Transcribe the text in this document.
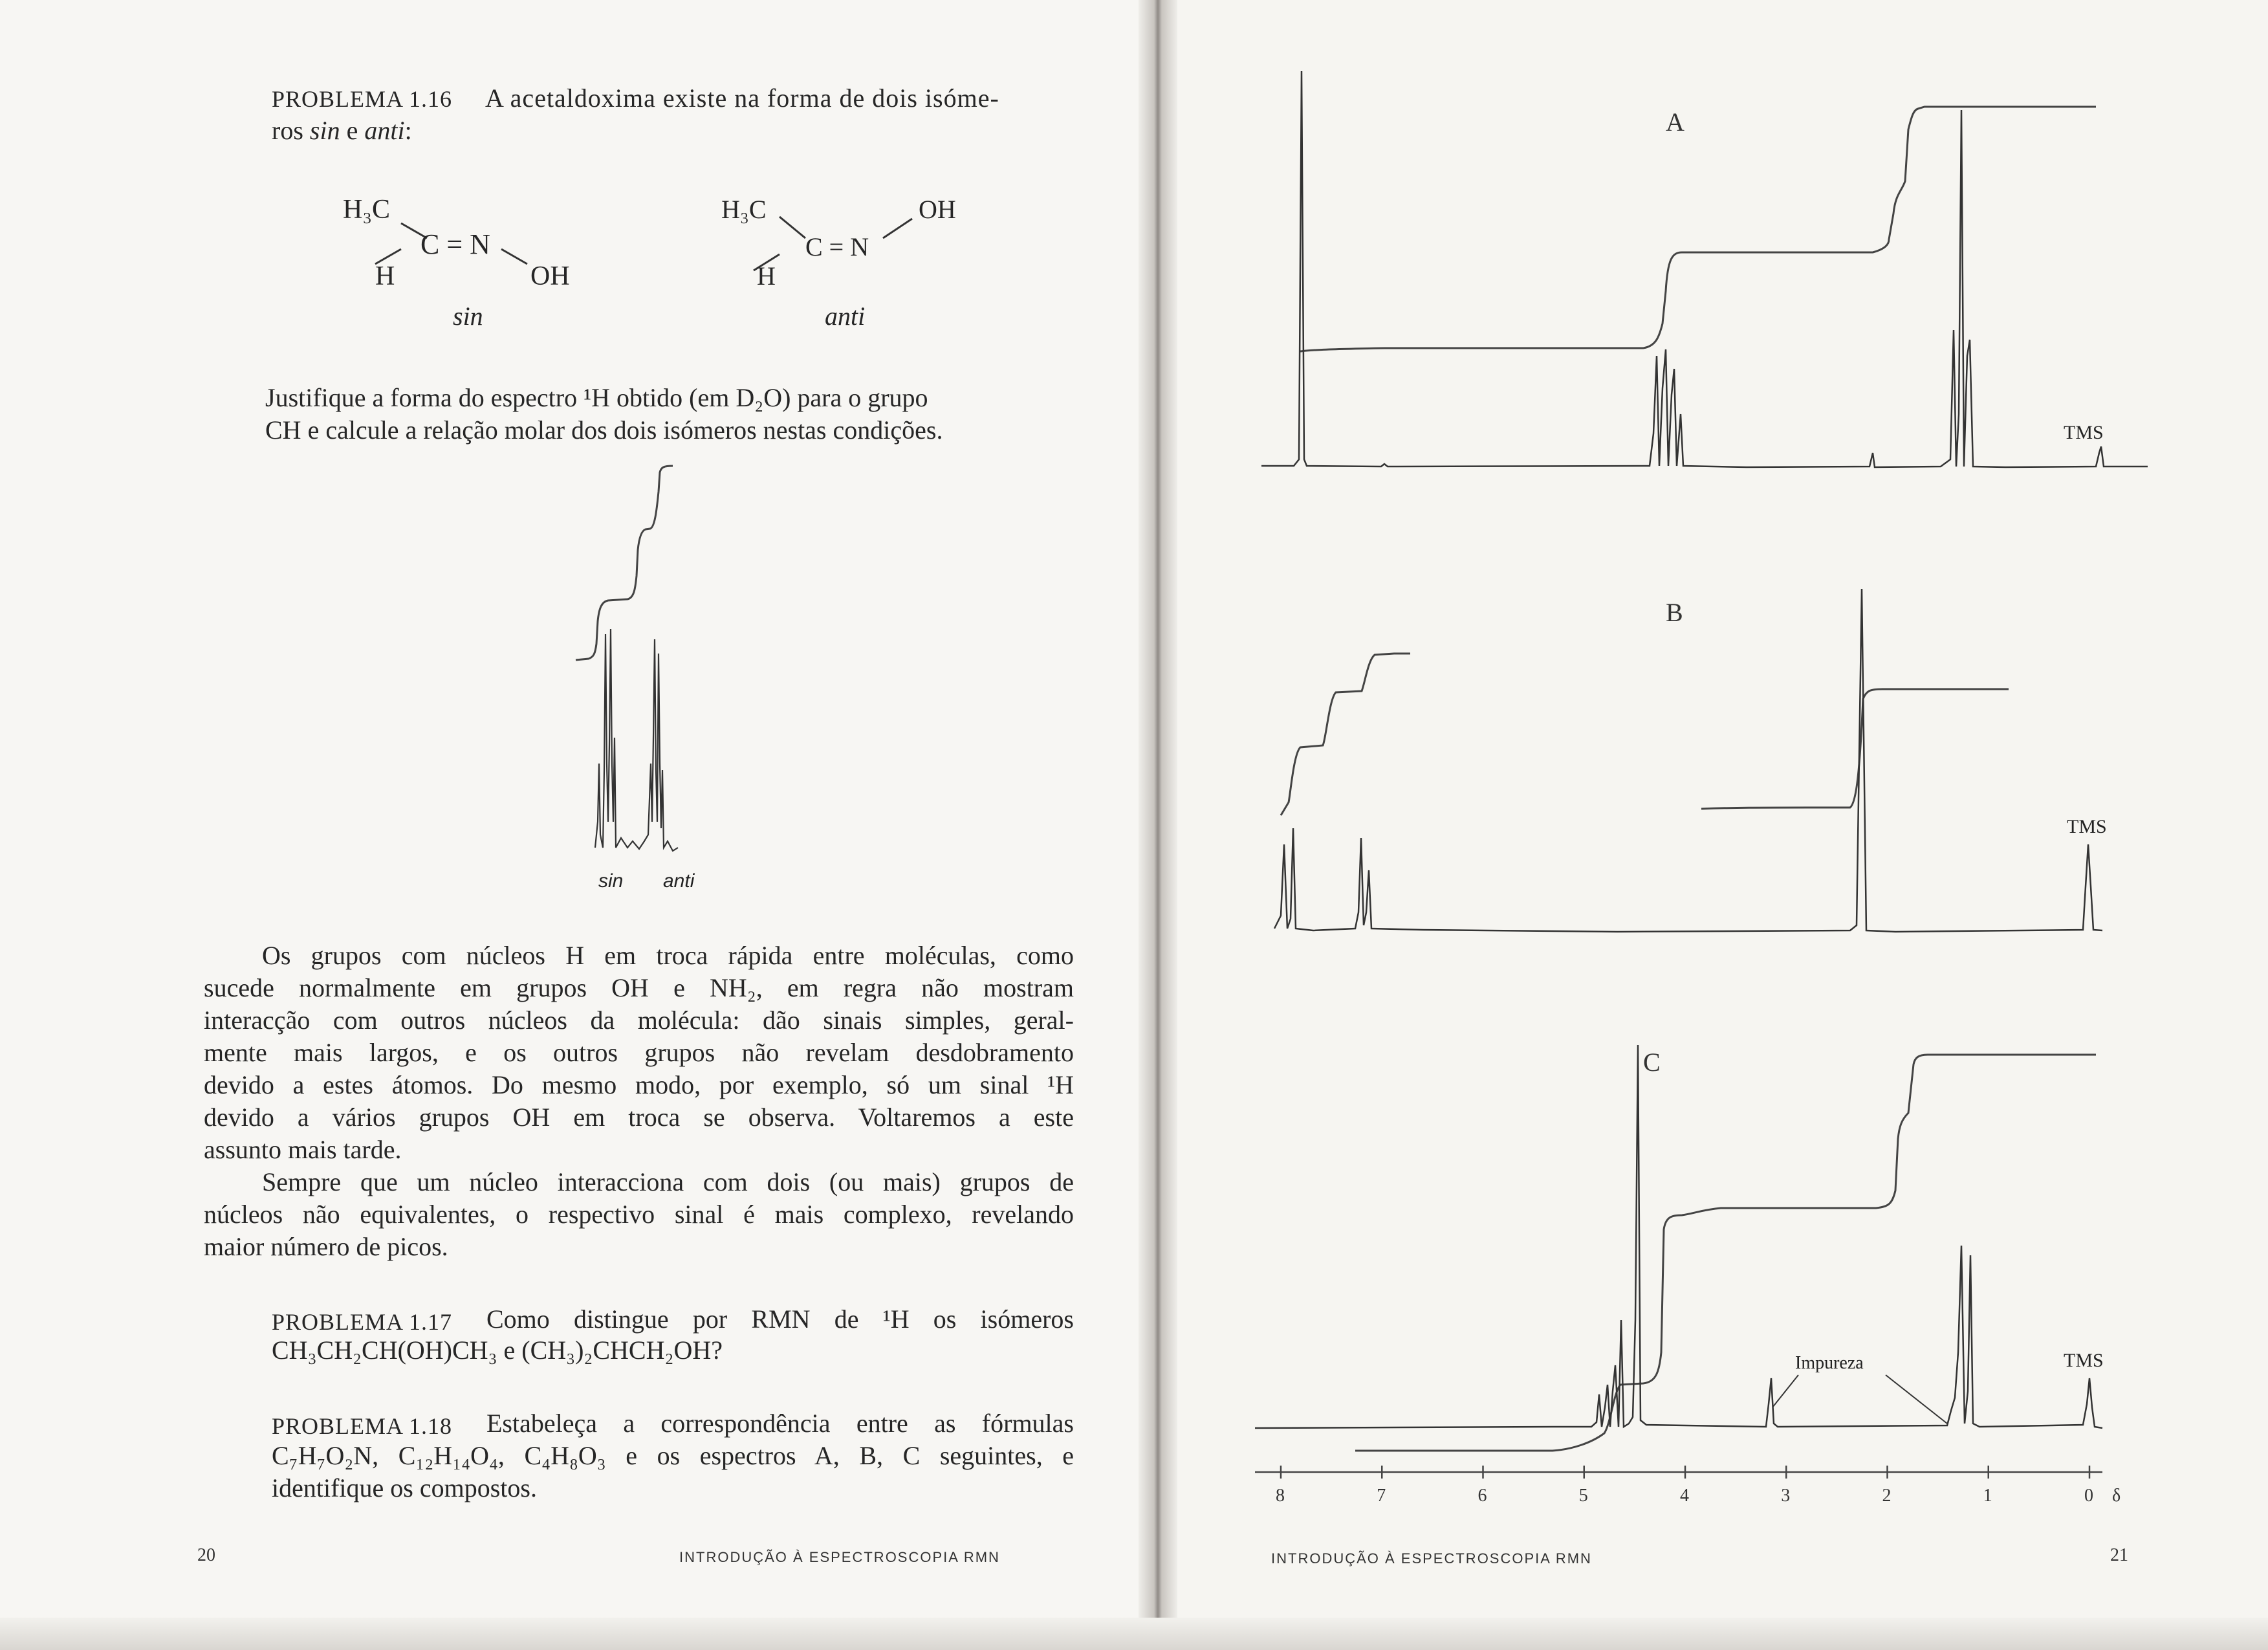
PROBLEMA 1.16 A acetaldoxima existe na forma de dois isóme-
ros sin e anti:
H₃C
C = N
H	OH
sin
H₃C
C = N
H
OH
anti
Justifique a forma do espectro ¹H obtido (em D₂O) para o grupo
CH e calcule a relação molar dos dois isómeros nestas condições.
sin anti
Os grupos com núcleos H em troca rápida entre moléculas, como
sucede normalmente em grupos OH e NH₂, em regra não mostram
interacção com outros núcleos da molécula: dão sinais simples, geral-
mente mais largos, e os outros grupos não revelam desdobramento
devido a estes átomos. Do mesmo modo, por exemplo, só um sinal ¹H
devido a vários grupos OH em troca se observa. Voltaremos a este
assunto mais tarde.
Sempre que um núcleo interacciona com dois (ou mais) grupos de
núcleos não equivalentes, o respectivo sinal é mais complexo, revelando
maior número de picos.
PROBLEMA 1.17 Como distingue por RMN de ¹H os isómeros
CH₃CH₂CH(OH)CH₃ e (CH₃)₂CHCH₂OH?
PROBLEMA 1.18 Estabeleça a correspondência entre as fórmulas
C₇H₇O₂N, C₁₂H₁₄O₄, C₄H₈O₃ e os espectros A, B, C seguintes, e
identifique os compostos.
20	INTRODUÇÃO À ESPECTROSCOPIA RMN
A
TMS
B
TMS
C
TMS
Impureza
8	7	6	5	4	3	2	1	0 δ
21
INTRODUÇÃO À ESPECTROSCOPIA RMN
